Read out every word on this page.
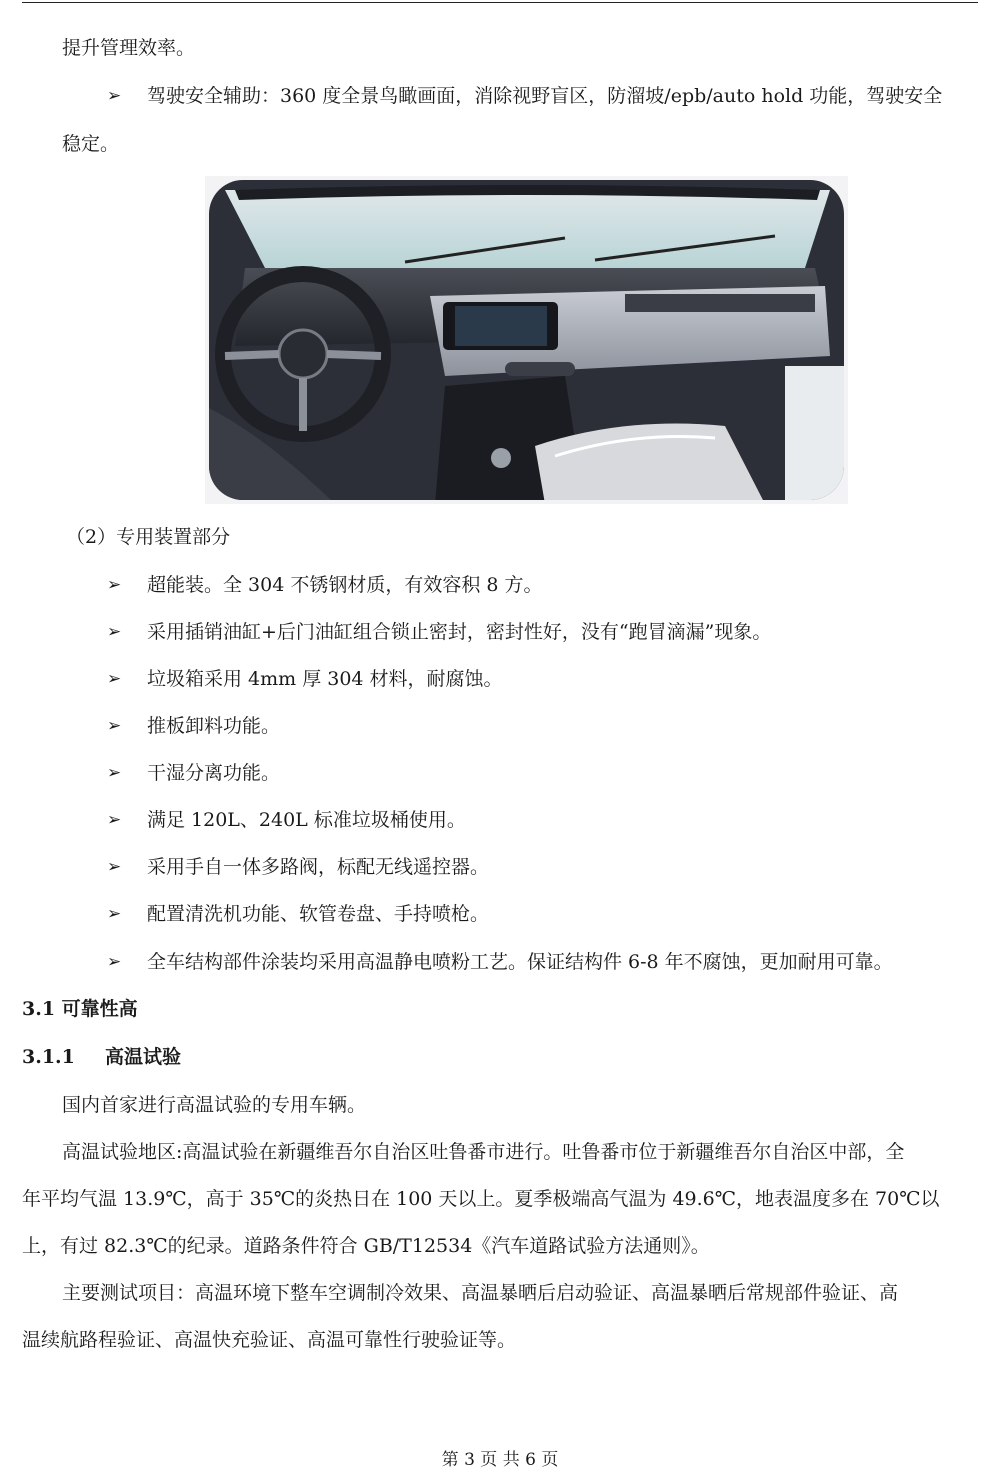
提升管理效率。
➢ 驾驶安全辅助：360 度全景鸟瞰画面，消除视野盲区，防溜坡/epb/auto hold 功能，驾驶安全
稳定。
（2）专用装置部分
➢ 超能装。全 304 不锈钢材质，有效容积 8 方。
➢ 采用插销油缸+后门油缸组合锁止密封，密封性好，没有“跑冒滴漏”现象。
➢ 垃圾箱采用 4mm 厚 304 材料，耐腐蚀。
➢ 推板卸料功能。
➢ 干湿分离功能。
➢ 满足 120L、240L 标准垃圾桶使用。
➢ 采用手自一体多路阀，标配无线遥控器。
➢ 配置清洗机功能、软管卷盘、手持喷枪。
➢ 全车结构部件涂装均采用高温静电喷粉工艺。保证结构件 6-8 年不腐蚀，更加耐用可靠。
3.1 可靠性高
3.1.1 高温试验
国内首家进行高温试验的专用车辆。
高温试验地区:高温试验在新疆维吾尔自治区吐鲁番市进行。吐鲁番市位于新疆维吾尔自治区中部，全
年平均气温 13.9℃，高于 35℃的炎热日在 100 天以上。夏季极端高气温为 49.6℃，地表温度多在 70℃以
上，有过 82.3℃的纪录。道路条件符合 GB/T12534《汽车道路试验方法通则》。
主要测试项目：高温环境下整车空调制冷效果、高温暴晒后启动验证、高温暴晒后常规部件验证、高
温续航路程验证、高温快充验证、高温可靠性行驶验证等。
第 3 页 共 6 页
